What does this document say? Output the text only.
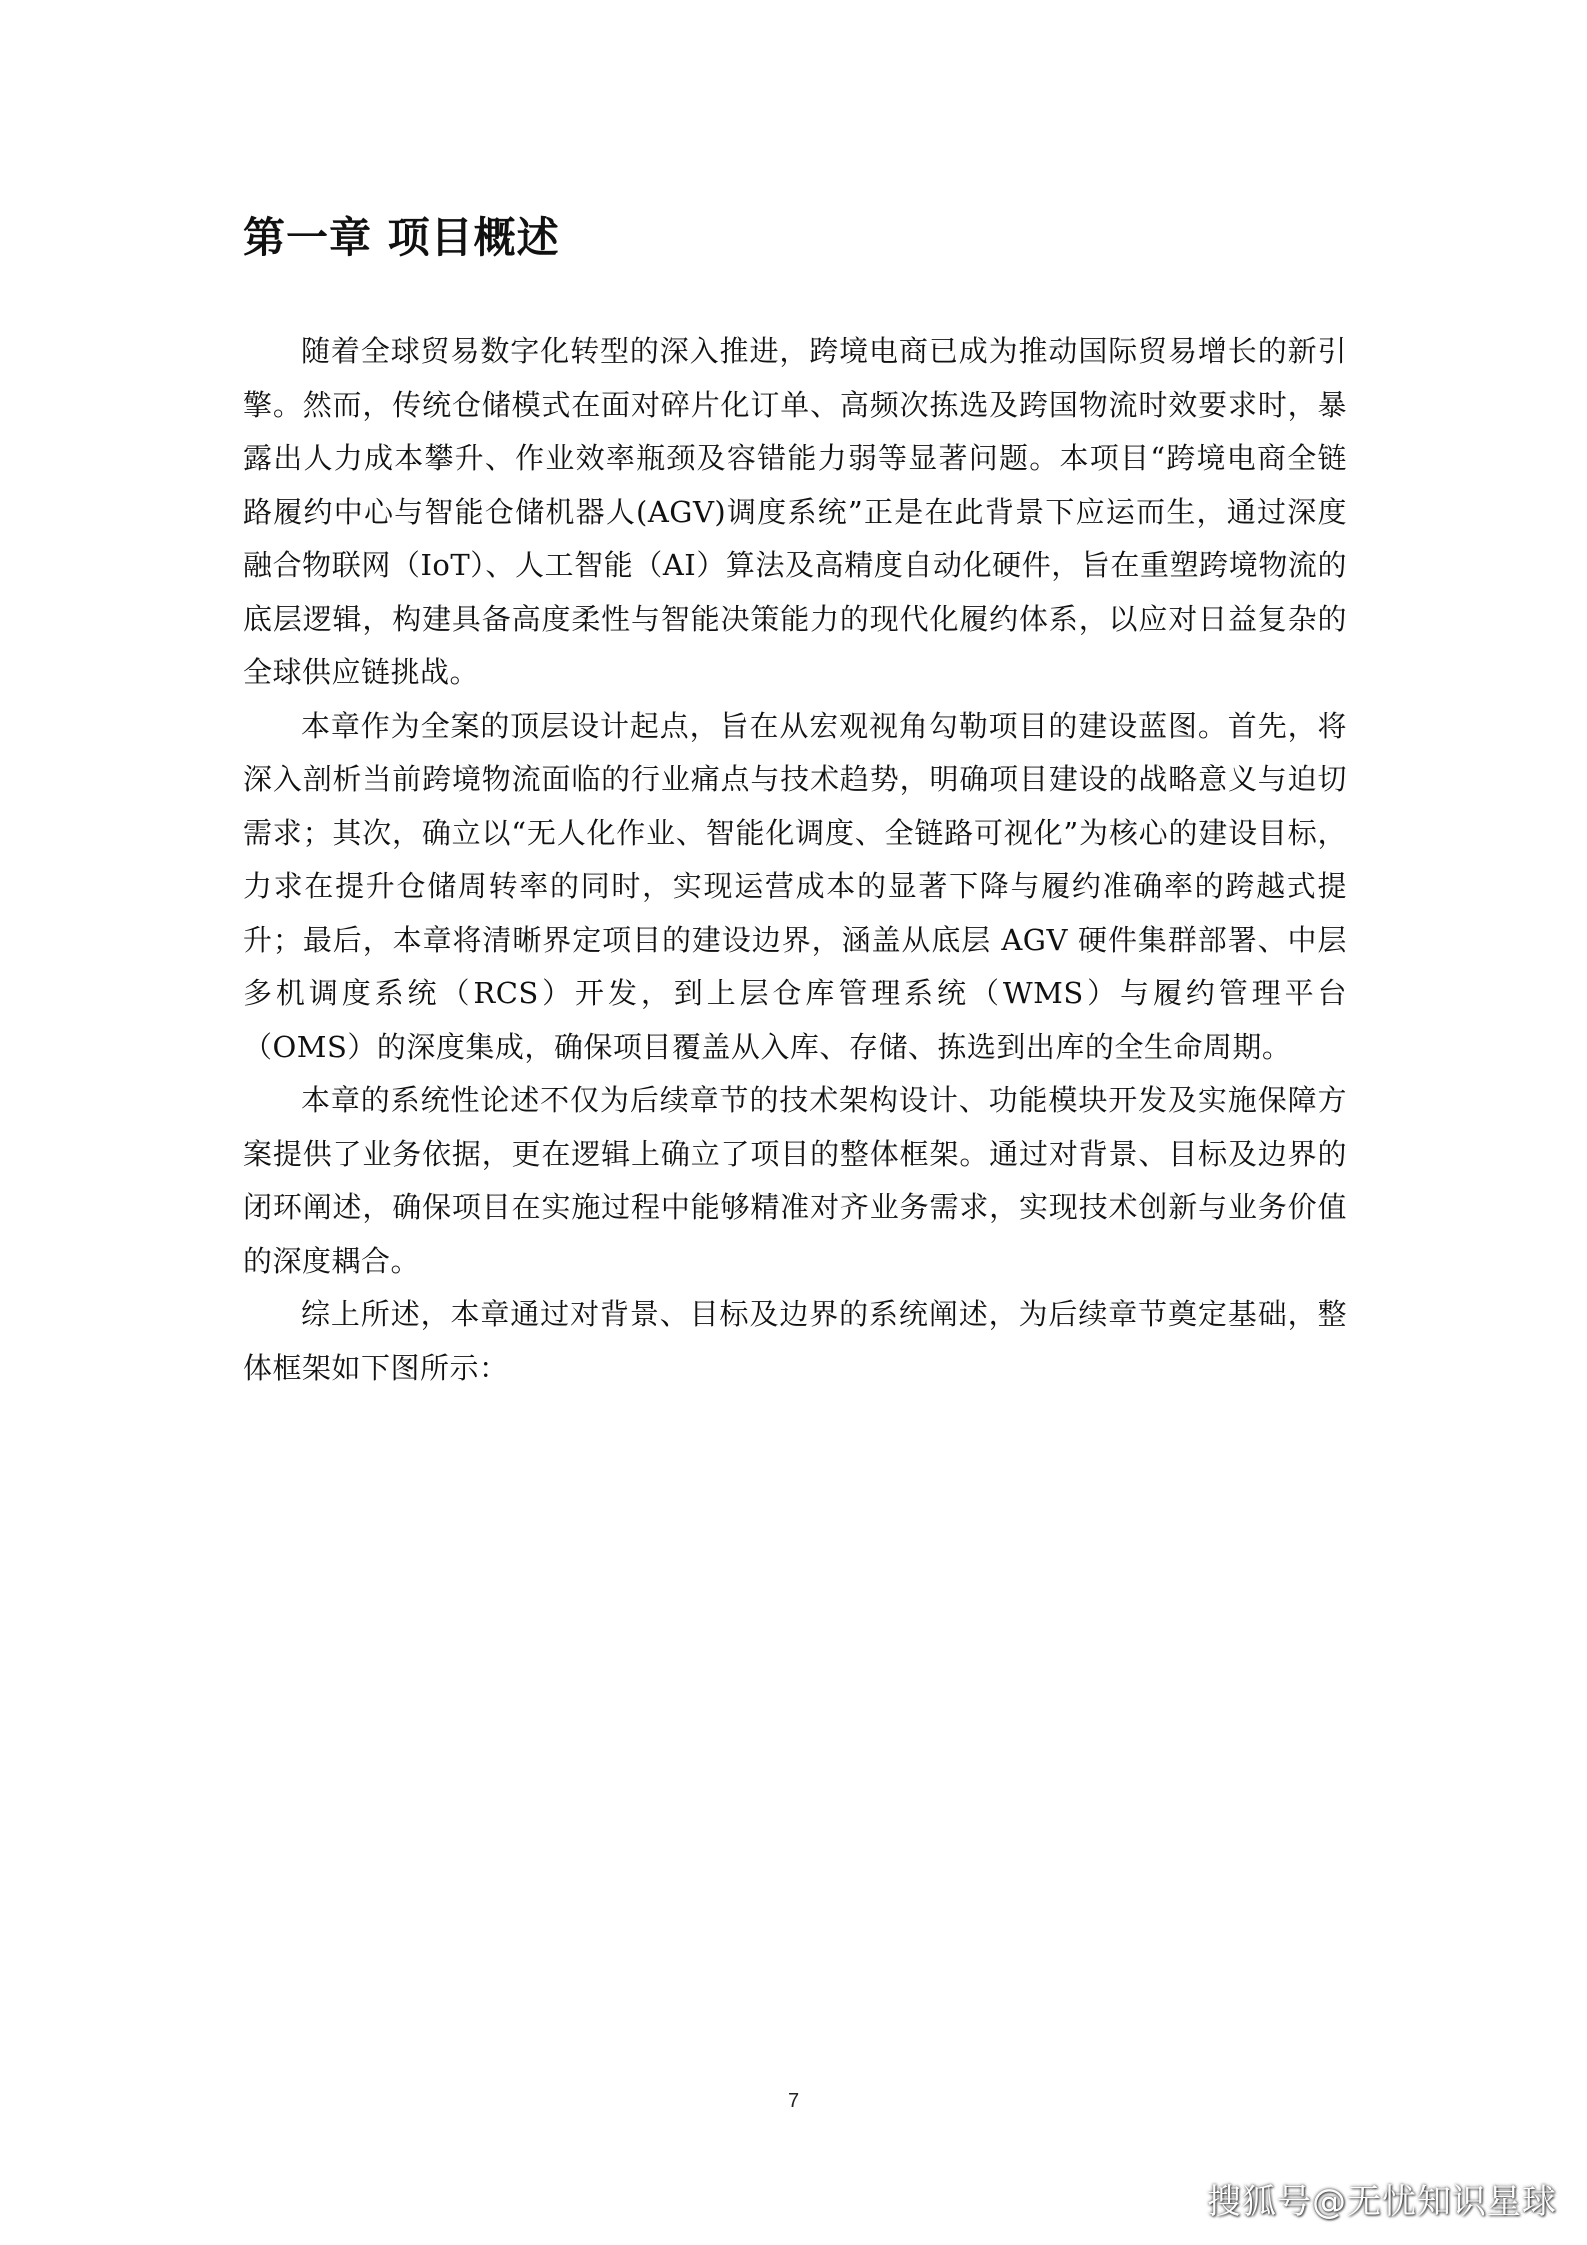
第一章 项目概述

随着全球贸易数字化转型的深入推进，跨境电商已成为推动国际贸易增长的新引擎。然而，传统仓储模式在面对碎片化订单、高频次拣选及跨国物流时效要求时，暴露出人力成本攀升、作业效率瓶颈及容错能力弱等显著问题。本项目“跨境电商全链路履约中心与智能仓储机器人(AGV)调度系统”正是在此背景下应运而生，通过深度融合物联网（IoT）、人工智能（AI）算法及高精度自动化硬件，旨在重塑跨境物流的底层逻辑，构建具备高度柔性与智能决策能力的现代化履约体系，以应对日益复杂的全球供应链挑战。

本章作为全案的顶层设计起点，旨在从宏观视角勾勒项目的建设蓝图。首先，将深入剖析当前跨境物流面临的行业痛点与技术趋势，明确项目建设的战略意义与迫切需求；其次，确立以“无人化作业、智能化调度、全链路可视化”为核心的建设目标，力求在提升仓储周转率的同时，实现运营成本的显著下降与履约准确率的跨越式提升；最后，本章将清晰界定项目的建设边界，涵盖从底层 AGV 硬件集群部署、中层多机调度系统（RCS）开发，到上层仓库管理系统（WMS）与履约管理平台（OMS）的深度集成，确保项目覆盖从入库、存储、拣选到出库的全生命周期。

本章的系统性论述不仅为后续章节的技术架构设计、功能模块开发及实施保障方案提供了业务依据，更在逻辑上确立了项目的整体框架。通过对背景、目标及边界的闭环阐述，确保项目在实施过程中能够精准对齐业务需求，实现技术创新与业务价值的深度耦合。

综上所述，本章通过对背景、目标及边界的系统阐述，为后续章节奠定基础，整体框架如下图所示：

7
搜狐号@无忧知识星球
